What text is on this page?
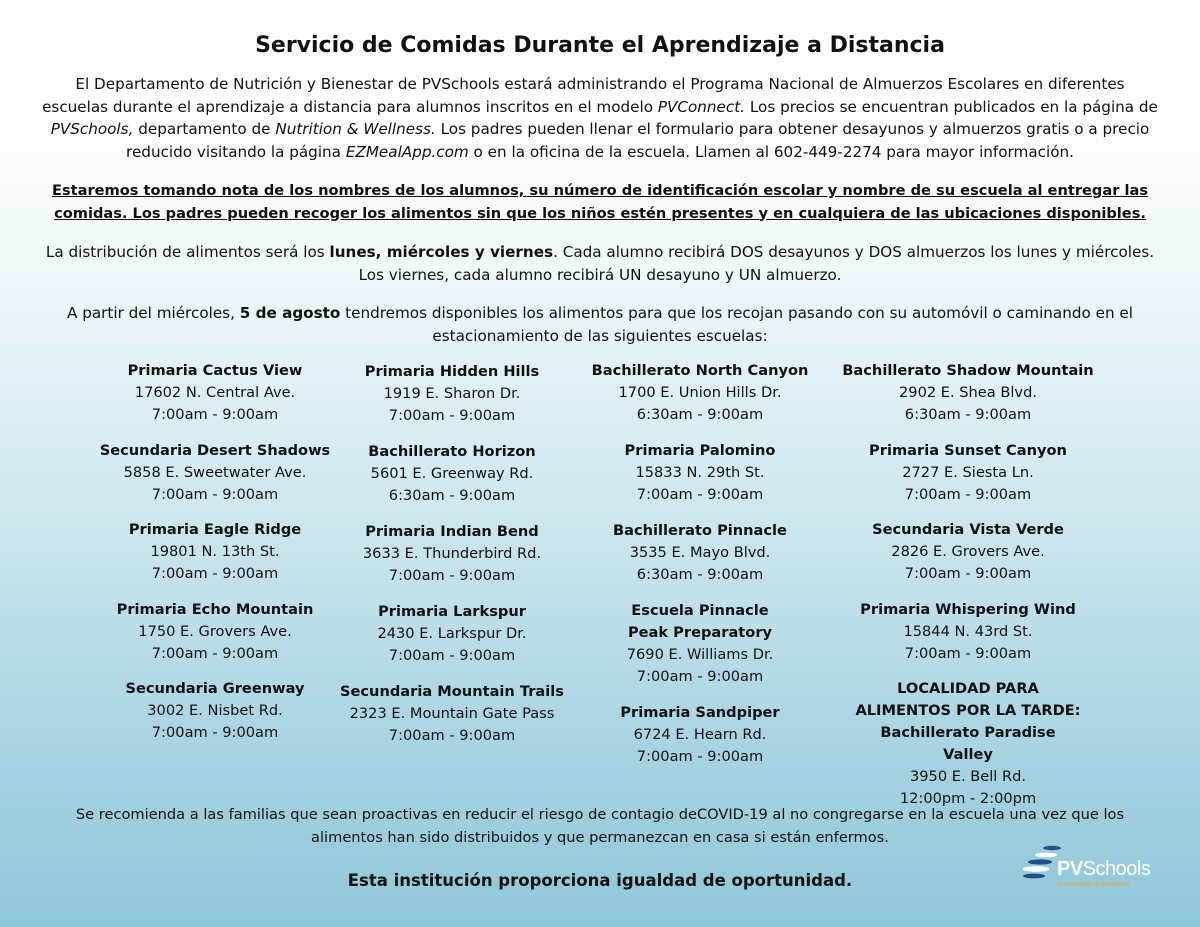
Servicio de Comidas Durante el Aprendizaje a Distancia
El Departamento de Nutrición y Bienestar de PVSchools estará administrando el Programa Nacional de Almuerzos Escolares en diferentes escuelas durante el aprendizaje a distancia para alumnos inscritos en el modelo PVConnect. Los precios se encuentran publicados en la página de PVSchools, departamento de Nutrition & Wellness. Los padres pueden llenar el formulario para obtener desayunos y almuerzos gratis o a precio reducido visitando la página EZMealApp.com o en la oficina de la escuela. Llamen al 602-449-2274 para mayor información.
Estaremos tomando nota de los nombres de los alumnos, su número de identificación escolar y nombre de su escuela al entregar las comidas. Los padres pueden recoger los alimentos sin que los niños estén presentes y en cualquiera de las ubicaciones disponibles.
La distribución de alimentos será los lunes, miércoles y viernes. Cada alumno recibirá DOS desayunos y DOS almuerzos los lunes y miércoles. Los viernes, cada alumno recibirá UN desayuno y UN almuerzo.
A partir del miércoles, 5 de agosto tendremos disponibles los alimentos para que los recojan pasando con su automóvil o caminando en el estacionamiento de las siguientes escuelas:
Primaria Cactus View
17602 N. Central Ave.
7:00am - 9:00am
Secundaria Desert Shadows
5858 E. Sweetwater Ave.
7:00am - 9:00am
Primaria Eagle Ridge
19801 N. 13th St.
7:00am - 9:00am
Primaria Echo Mountain
1750 E. Grovers Ave.
7:00am - 9:00am
Secundaria Greenway
3002 E. Nisbet Rd.
7:00am - 9:00am
Primaria Hidden Hills
1919 E. Sharon Dr.
7:00am - 9:00am
Bachillerato Horizon
5601 E. Greenway Rd.
6:30am - 9:00am
Primaria Indian Bend
3633 E. Thunderbird Rd.
7:00am - 9:00am
Primaria Larkspur
2430 E. Larkspur Dr.
7:00am - 9:00am
Secundaria Mountain Trails
2323 E. Mountain Gate Pass
7:00am - 9:00am
Bachillerato North Canyon
1700 E. Union Hills Dr.
6:30am - 9:00am
Primaria Palomino
15833 N. 29th St.
7:00am - 9:00am
Bachillerato Pinnacle
3535 E. Mayo Blvd.
6:30am - 9:00am
Escuela Pinnacle Peak Preparatory
7690 E. Williams Dr.
7:00am - 9:00am
Primaria Sandpiper
6724 E. Hearn Rd.
7:00am - 9:00am
Bachillerato Shadow Mountain
2902 E. Shea Blvd.
6:30am - 9:00am
Primaria Sunset Canyon
2727 E. Siesta Ln.
7:00am - 9:00am
Secundaria Vista Verde
2826 E. Grovers Ave.
7:00am - 9:00am
Primaria Whispering Wind
15844 N. 43rd St.
7:00am - 9:00am
LOCALIDAD PARA ALIMENTOS POR LA TARDE: Bachillerato Paradise Valley
3950 E. Bell Rd.
12:00pm - 2:00pm
Se recomienda a las familias que sean proactivas en reducir el riesgo de contagio deCOVID-19 al no congregarse en la escuela una vez que los alimentos han sido distribuidos y que permanezcan en casa si están enfermos.
Esta institución proporciona igualdad de oportunidad.
PVSchools
A community of Excellence
